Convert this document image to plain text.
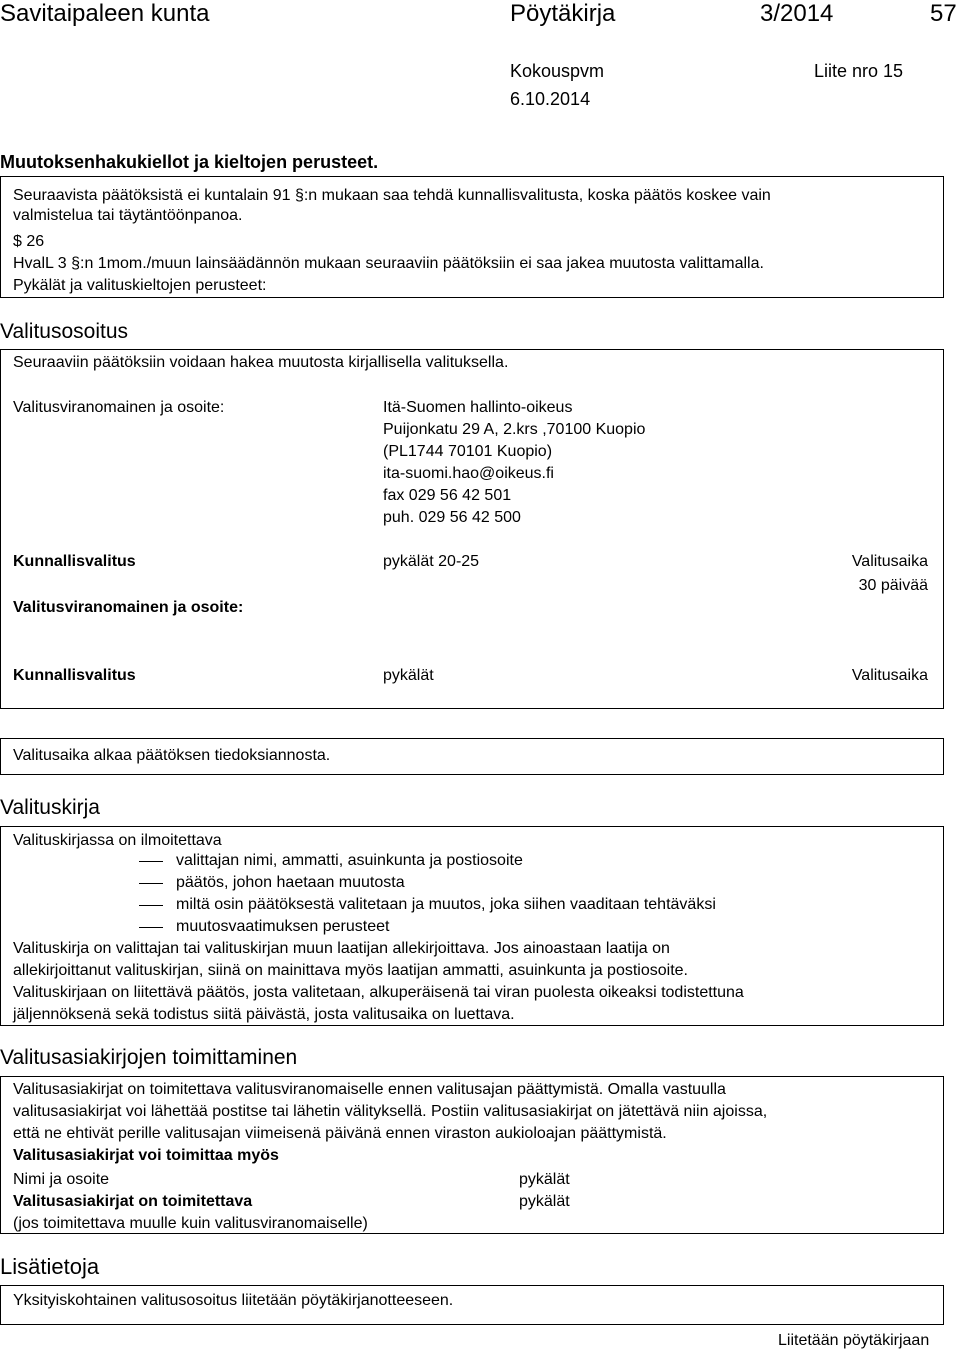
Savitaipaleen kunta	Pöytäkirja	3/2014	57
Kokouspvm	Liite nro 15
6.10.2014
Muutoksenhakukiellot ja kieltojen perusteet.
Seuraavista päätöksistä ei kuntalain 91 §:n mukaan saa tehdä kunnallisvalitusta, koska päätös koskee vain
valmistelua tai täytäntöönpanoa.
$ 26
HvalL 3 §:n 1mom./muun lainsäädännön mukaan seuraaviin päätöksiin ei saa jakea muutosta valittamalla.
Pykälät ja valituskieltojen perusteet:
Valitusosoitus
Seuraaviin päätöksiin voidaan hakea muutosta kirjallisella valituksella.
Valitusviranomainen ja osoite:	Itä-Suomen hallinto-oikeus
Puijonkatu 29 A, 2.krs ,70100 Kuopio
(PL1744 70101 Kuopio)
ita-suomi.hao@oikeus.fi
fax 029 56 42 501
puh. 029 56 42 500
Kunnallisvalitus	pykälät 20-25	Valitusaika
30 päivää
Valitusviranomainen ja osoite:
Kunnallisvalitus	pykälät	Valitusaika
Valitusaika alkaa päätöksen tiedoksiannosta.
Valituskirja
Valituskirjassa on ilmoitettava
valittajan nimi, ammatti, asuinkunta ja postiosoite
päätös, johon haetaan muutosta
miltä osin päätöksestä valitetaan ja muutos, joka siihen vaaditaan tehtäväksi
muutosvaatimuksen perusteet
Valituskirja on valittajan tai valituskirjan muun laatijan allekirjoittava. Jos ainoastaan laatija on
allekirjoittanut valituskirjan, siinä on mainittava myös laatijan ammatti, asuinkunta ja postiosoite.
Valituskirjaan on liitettävä päätös, josta valitetaan, alkuperäisenä tai viran puolesta oikeaksi todistettuna
jäljennöksenä sekä todistus siitä päivästä, josta valitusaika on luettava.
Valitusasiakirjojen toimittaminen
Valitusasiakirjat on toimitettava valitusviranomaiselle ennen valitusajan päättymistä. Omalla vastuulla
valitusasiakirjat voi lähettää postitse tai lähetin välityksellä. Postiin valitusasiakirjat on jätettävä niin ajoissa,
että ne ehtivät perille valitusajan viimeisenä päivänä ennen viraston aukioloajan päättymistä.
Valitusasiakirjat voi toimittaa myös
Nimi ja osoite	pykälät
Valitusasiakirjat on toimitettava	pykälät
(jos toimitettava muulle kuin valitusviranomaiselle)
Lisätietoja
Yksityiskohtainen valitusosoitus liitetään pöytäkirjanotteeseen.
Liitetään pöytäkirjaan
